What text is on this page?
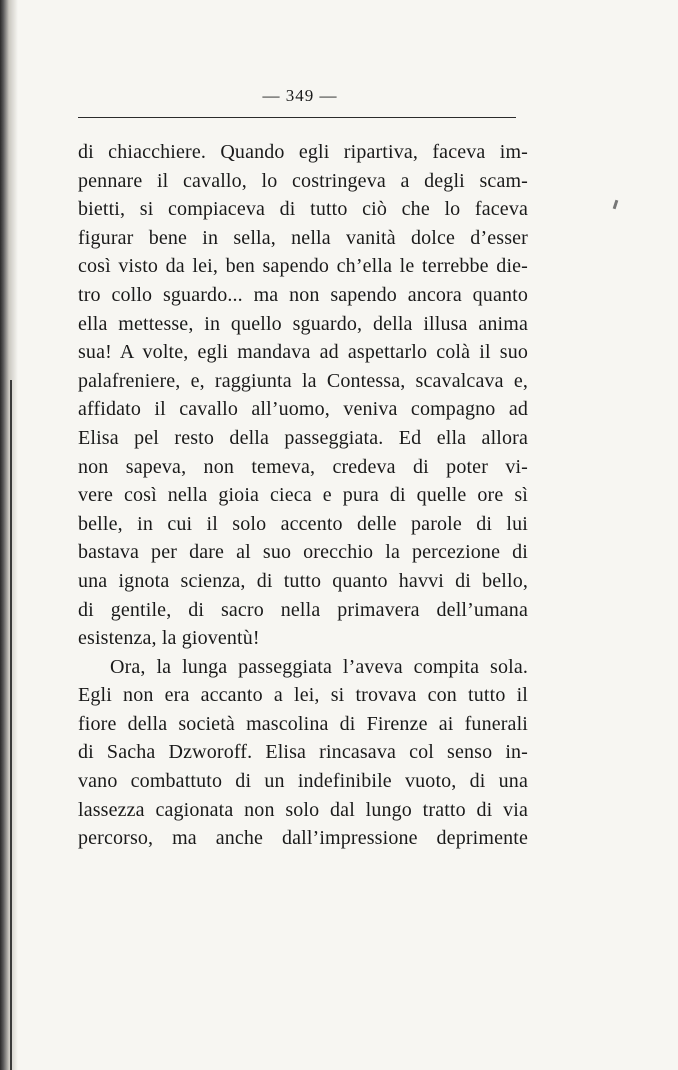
— 349 —
di chiacchiere. Quando egli ripartiva, faceva im-
pennare il cavallo, lo costringeva a degli scam-
bietti, si compiaceva di tutto ciò che lo faceva
figurar bene in sella, nella vanità dolce d’esser
così visto da lei, ben sapendo ch’ella le terrebbe die-
tro collo sguardo... ma non sapendo ancora quanto
ella mettesse, in quello sguardo, della illusa anima
sua! A volte, egli mandava ad aspettarlo colà il suo
palafreniere, e, raggiunta la Contessa, scavalcava e,
affidato il cavallo all’uomo, veniva compagno ad
Elisa pel resto della passeggiata. Ed ella allora
non sapeva, non temeva, credeva di poter vi-
vere così nella gioia cieca e pura di quelle ore sì
belle, in cui il solo accento delle parole di lui
bastava per dare al suo orecchio la percezione di
una ignota scienza, di tutto quanto havvi di bello,
di gentile, di sacro nella primavera dell’umana
esistenza, la gioventù!
Ora, la lunga passeggiata l’aveva compita sola.
Egli non era accanto a lei, si trovava con tutto il
fiore della società mascolina di Firenze ai funerali
di Sacha Dzworoff. Elisa rincasava col senso in-
vano combattuto di un indefinibile vuoto, di una
lassezza cagionata non solo dal lungo tratto di via
percorso, ma anche dall’impressione deprimente
